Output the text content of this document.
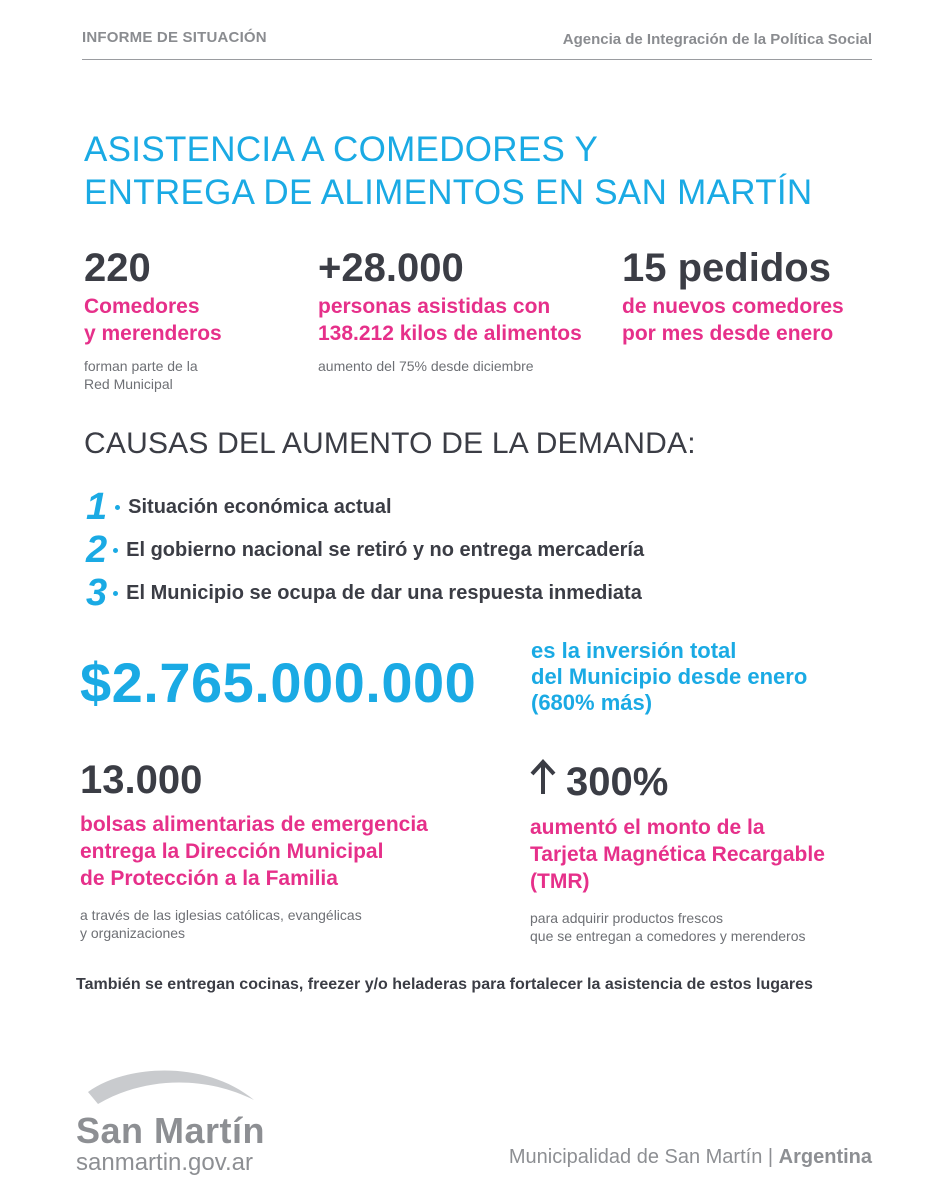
INFORME DE SITUACIÓN	Agencia de Integración de la Política Social
ASISTENCIA A COMEDORES Y
ENTREGA DE ALIMENTOS EN SAN MARTÍN
220
Comedores
y merenderos
forman parte de la
Red Municipal
+28.000
personas asistidas con
138.212 kilos de alimentos
aumento del 75% desde diciembre
15 pedidos
de nuevos comedores
por mes desde enero
CAUSAS DEL AUMENTO DE LA DEMANDA:
1 Situación económica actual
2 El gobierno nacional se retiró y no entrega mercadería
3 El Municipio se ocupa de dar una respuesta inmediata
$2.765.000.000
es la inversión total
del Municipio desde enero
(680% más)
13.000
bolsas alimentarias de emergencia
entrega la Dirección Municipal
de Protección a la Familia
a través de las iglesias católicas, evangélicas
y organizaciones
300%
aumentó el monto de la
Tarjeta Magnética Recargable
(TMR)
para adquirir productos frescos
que se entregan a comedores y merenderos
También se entregan cocinas, freezer y/o heladeras para fortalecer la asistencia de estos lugares
San Martín
sanmartin.gov.ar	Municipalidad de San Martín | Argentina
